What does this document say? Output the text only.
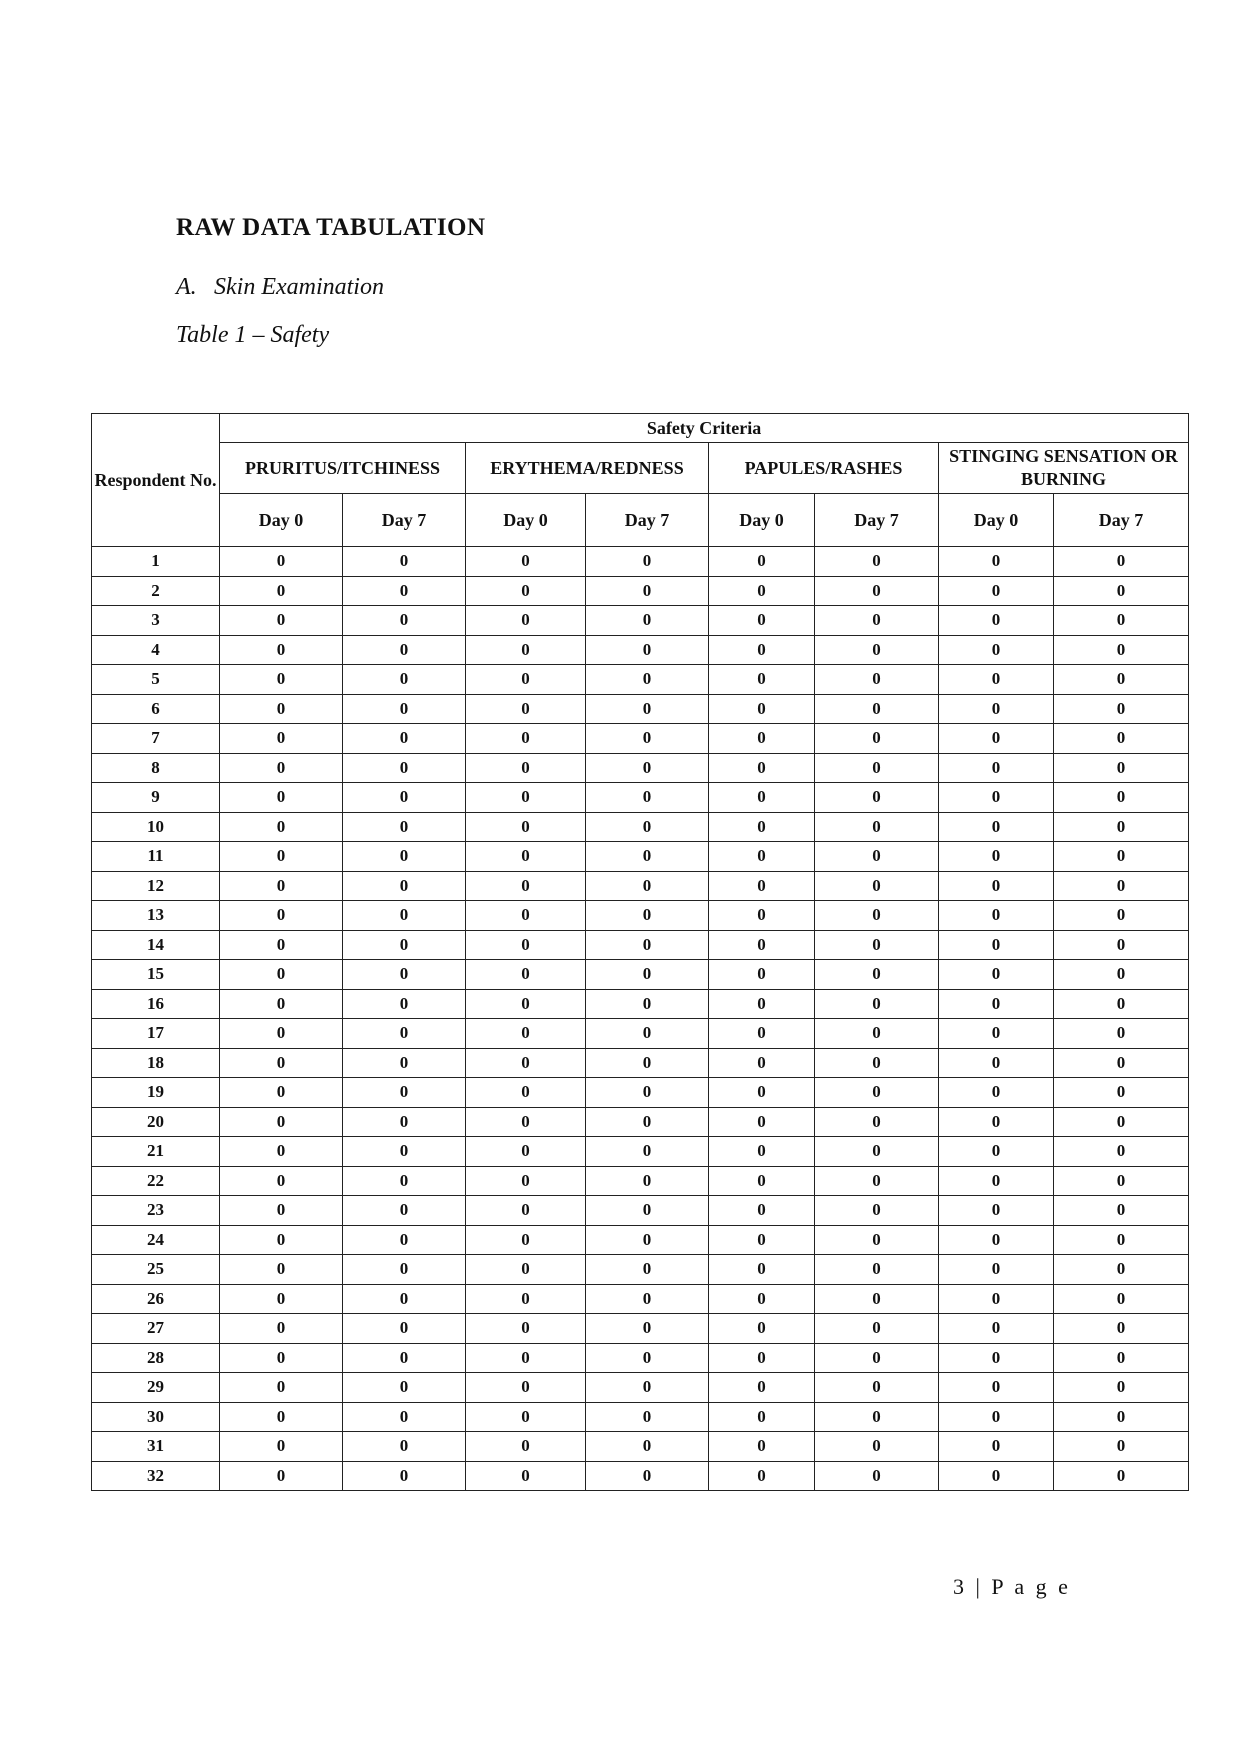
RAW DATA TABULATION

A. Skin Examination

Table 1 – Safety

Respondent No.	Safety Criteria							
	PRURITUS/ITCHINESS		ERYTHEMA/REDNESS		PAPULES/RASHES		STINGING SENSATION OR BURNING	
	Day 0	Day 7	Day 0	Day 7	Day 0	Day 7	Day 0	Day 7
1	0	0	0	0	0	0	0	0
2	0	0	0	0	0	0	0	0
3	0	0	0	0	0	0	0	0
4	0	0	0	0	0	0	0	0
5	0	0	0	0	0	0	0	0
6	0	0	0	0	0	0	0	0
7	0	0	0	0	0	0	0	0
8	0	0	0	0	0	0	0	0
9	0	0	0	0	0	0	0	0
10	0	0	0	0	0	0	0	0
11	0	0	0	0	0	0	0	0
12	0	0	0	0	0	0	0	0
13	0	0	0	0	0	0	0	0
14	0	0	0	0	0	0	0	0
15	0	0	0	0	0	0	0	0
16	0	0	0	0	0	0	0	0
17	0	0	0	0	0	0	0	0
18	0	0	0	0	0	0	0	0
19	0	0	0	0	0	0	0	0
20	0	0	0	0	0	0	0	0
21	0	0	0	0	0	0	0	0
22	0	0	0	0	0	0	0	0
23	0	0	0	0	0	0	0	0
24	0	0	0	0	0	0	0	0
25	0	0	0	0	0	0	0	0
26	0	0	0	0	0	0	0	0
27	0	0	0	0	0	0	0	0
28	0	0	0	0	0	0	0	0
29	0	0	0	0	0	0	0	0
30	0	0	0	0	0	0	0	0
31	0	0	0	0	0	0	0	0
32	0	0	0	0	0	0	0	0

3 | P a g e
